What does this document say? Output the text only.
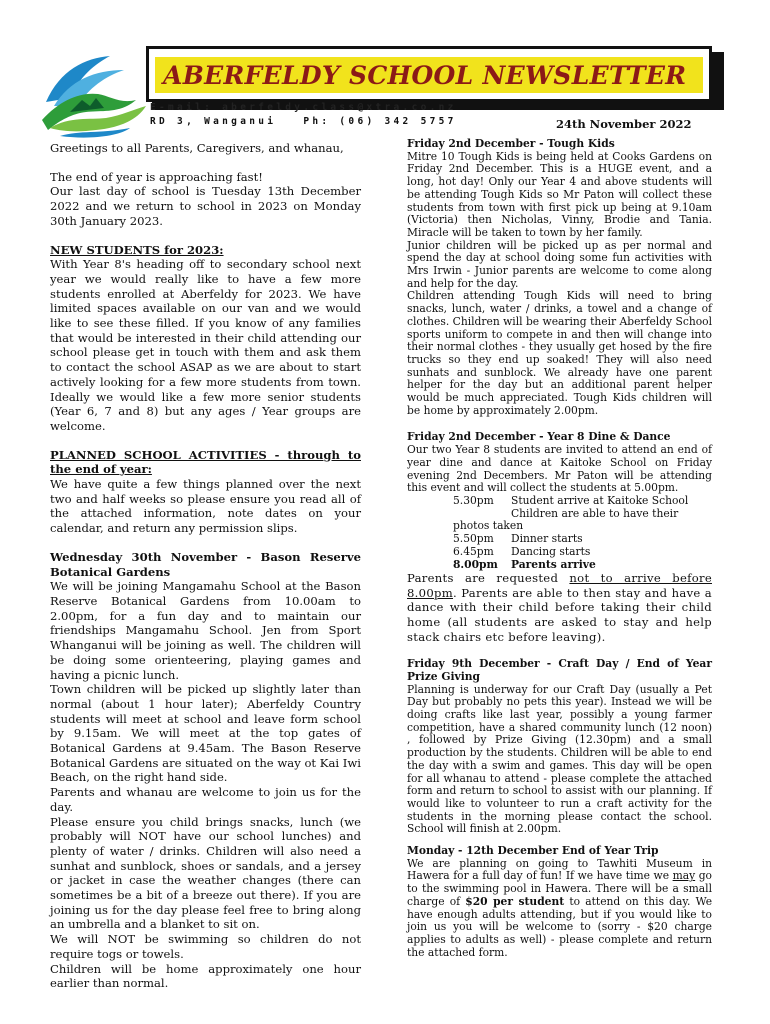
ABERFELDY SCHOOL NEWSLETTER
E-mail: aberfeldy.class@xtra.co.nz
RD 3, Wanganui   Ph: (06) 342 5757	24th November 2022

Greetings to all Parents, Caregivers, and whanau,

The end of year is approaching fast!

Our last day of school is Tuesday 13th December 2022 and we return to school in 2023 on Monday 30th January 2023.

NEW STUDENTS for 2023:

With Year 8's heading off to secondary school next year we would really like to have a few more students enrolled at Aberfeldy for 2023. We have limited spaces available on our van and we would like to see these filled. If you know of any families that would be interested in their child attending our school please get in touch with them and ask them to contact the school ASAP as we are about to start actively looking for a few more students from town. Ideally we would like a few more senior students (Year 6, 7 and 8) but any ages / Year groups are welcome.

PLANNED SCHOOL ACTIVITIES - through to the end of year:

We have quite a few things planned over the next two and half weeks so please ensure you read all of the attached information, note dates on your calendar, and return any permission slips.

Wednesday 30th November - Bason Reserve Botanical Gardens

We will be joining Mangamahu School at the Bason Reserve Botanical Gardens from 10.00am to 2.00pm, for a fun day and to maintain our friendships Mangamahu School. Jen from Sport Whanganui will be joining as well. The children will be doing some orienteering, playing games and having a picnic lunch.

Town children will be picked up slightly later than normal (about 1 hour later); Aberfeldy Country students will meet at school and leave form school by 9.15am. We will meet at the top gates of Botanical Gardens at 9.45am. The Bason Reserve Botanical Gardens are situated on the way ot Kai Iwi Beach, on the right hand side.

Parents and whanau are welcome to join us for the day.

Please ensure you child brings snacks, lunch (we probably will NOT have our school lunches) and plenty of water / drinks. Children will also need a sunhat and sunblock, shoes or sandals, and a jersey or jacket in case the weather changes (there can sometimes be a bit of a breeze out there). If you are joining us for the day please feel free to bring along an umbrella and a blanket to sit on.

We will NOT be swimming so children do not require togs or towels.

Children will be home approximately one hour earlier than normal.

Friday 2nd December - Tough Kids

Mitre 10 Tough Kids is being held at Cooks Gardens on Friday 2nd December. This is a HUGE event, and a long, hot day! Only our Year 4 and above students will be attending Tough Kids so Mr Paton will collect these students from town with first pick up being at 9.10am (Victoria) then Nicholas, Vinny, Brodie and Tania. Miracle will be taken to town by her family.

Junior children will be picked up as per normal and spend the day at school doing some fun activities with Mrs Irwin - Junior parents are welcome to come along and help for the day.

Children attending Tough Kids will need to bring snacks, lunch, water / drinks, a towel and a change of clothes. Children will be wearing their Aberfeldy School sports uniform to compete in and then will change into their normal clothes - they usually get hosed by the fire trucks so they end up soaked! They will also need sunhats and sunblock. We already have one parent helper for the day but an additional parent helper would be much appreciated. Tough Kids children will be home by approximately 2.00pm.

Friday 2nd December - Year 8 Dine & Dance

Our two Year 8 students are invited to attend an end of year dine and dance at Kaitoke School on Friday evening 2nd Decembers. Mr Paton will be attending this event and will collect the students at 5.00pm.

5.30pm Student arrive at Kaitoke School
Children are able to have their photos taken
5.50pm Dinner starts
6.45pm Dancing starts
8.00pm Parents arrive

Parents are requested not to arrive before 8.00pm. Parents are able to then stay and have a dance with their child before taking their child home (all students are asked to stay and help stack chairs etc before leaving).

Friday 9th December - Craft Day / End of Year Prize Giving

Planning is underway for our Craft Day (usually a Pet Day but probably no pets this year). Instead we will be doing crafts like last year, possibly a young farmer competition, have a shared community lunch (12 noon) , followed by Prize Giving (12.30pm) and a small production by the students. Children will be able to end the day with a swim and games. This day will be open for all whanau to attend - please complete the attached form and return to school to assist with our planning. If would like to volunteer to run a craft activity for the students in the morning please contact the school. School will finish at 2.00pm.

Monday - 12th December End of Year Trip

We are planning on going to Tawhiti Museum in Hawera for a full day of fun! If we have time we may go to the swimming pool in Hawera. There will be a small charge of $20 per student to attend on this day. We have enough adults attending, but if you would like to join us you will be welcome to (sorry - $20 charge applies to adults as well) - please complete and return the attached form.
